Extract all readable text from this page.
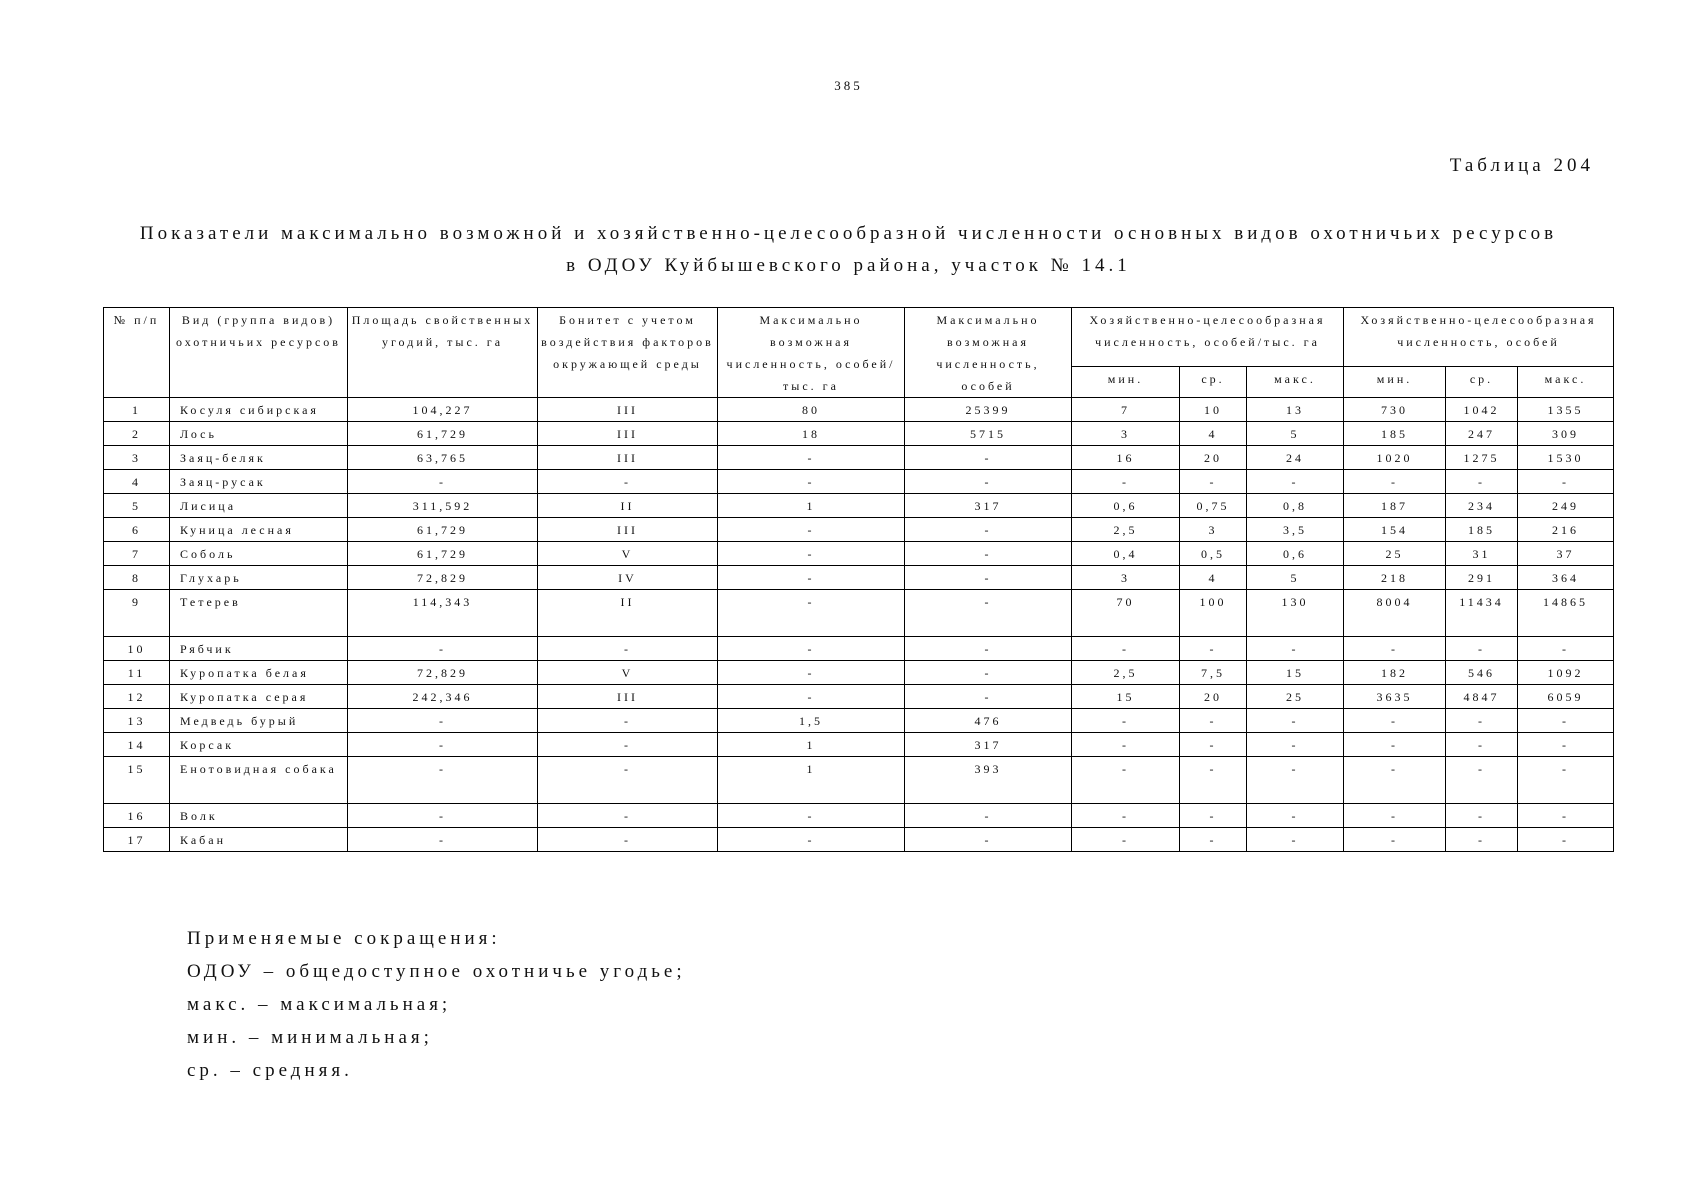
385
Таблица 204
Показатели максимально возможной и хозяйственно-целесообразной численности основных видов охотничьих ресурсов
в ОДОУ Куйбышевского района, участок № 14.1
№ п/п	Вид (группа видов) охотничьих ресурсов	Площадь свойственных угодий, тыс. га	Бонитет с учетом воздействия факторов окружающей среды	Максимально возможная численность, особей/тыс. га	Максимально возможная численность, особей	Хозяйственно-целесообразная численность, особей/тыс. га			Хозяйственно-целесообразная численность, особей		
						мин.	ср.	макс.	мин.	ср.	макс.
1	Косуля сибирская	104,227	III	80	25399	7	10	13	730	1042	1355
2	Лось	61,729	III	18	5715	3	4	5	185	247	309
3	Заяц-беляк	63,765	III	-	-	16	20	24	1020	1275	1530
4	Заяц-русак	-	-	-	-	-	-	-	-	-	-
5	Лисица	311,592	II	1	317	0,6	0,75	0,8	187	234	249
6	Куница лесная	61,729	III	-	-	2,5	3	3,5	154	185	216
7	Соболь	61,729	V	-	-	0,4	0,5	0,6	25	31	37
8	Глухарь	72,829	IV	-	-	3	4	5	218	291	364
9	Тетерев	114,343	II	-	-	70	100	130	8004	11434	14865
10	Рябчик	-	-	-	-	-	-	-	-	-	-
11	Куропатка белая	72,829	V	-	-	2,5	7,5	15	182	546	1092
12	Куропатка серая	242,346	III	-	-	15	20	25	3635	4847	6059
13	Медведь бурый	-	-	1,5	476	-	-	-	-	-	-
14	Корсак	-	-	1	317	-	-	-	-	-	-
15	Енотовидная собака	-	-	1	393	-	-	-	-	-	-
16	Волк	-	-	-	-	-	-	-	-	-	-
17	Кабан	-	-	-	-	-	-	-	-	-	-
Применяемые сокращения:
ОДОУ – общедоступное охотничье угодье;
макс. – максимальная;
мин. – минимальная;
ср. – средняя.
